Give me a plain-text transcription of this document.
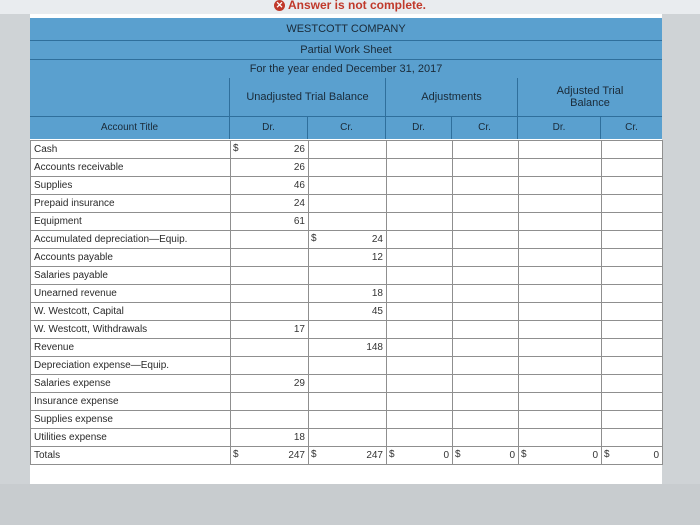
✕ Answer is not complete.
WESTCOTT COMPANY
Partial Work Sheet
For the year ended December 31, 2017
Unadjusted Trial Balance	Adjustments	Adjusted Trial Balance
Account Title	Dr.	Cr.	Dr.	Cr.	Dr.	Cr.
Cash	$ 26					
Accounts receivable	26					
Supplies	46					
Prepaid insurance	24					
Equipment	61					
Accumulated depreciation—Equip.		$ 24				
Accounts payable		12				
Salaries payable						
Unearned revenue		18				
W. Westcott, Capital		45				
W. Westcott, Withdrawals	17					
Revenue		148				
Depreciation expense—Equip.						
Salaries expense	29					
Insurance expense						
Supplies expense						
Utilities expense	18					
Totals	$ 247	$ 247	$ 0	$ 0	$ 0	$ 0
